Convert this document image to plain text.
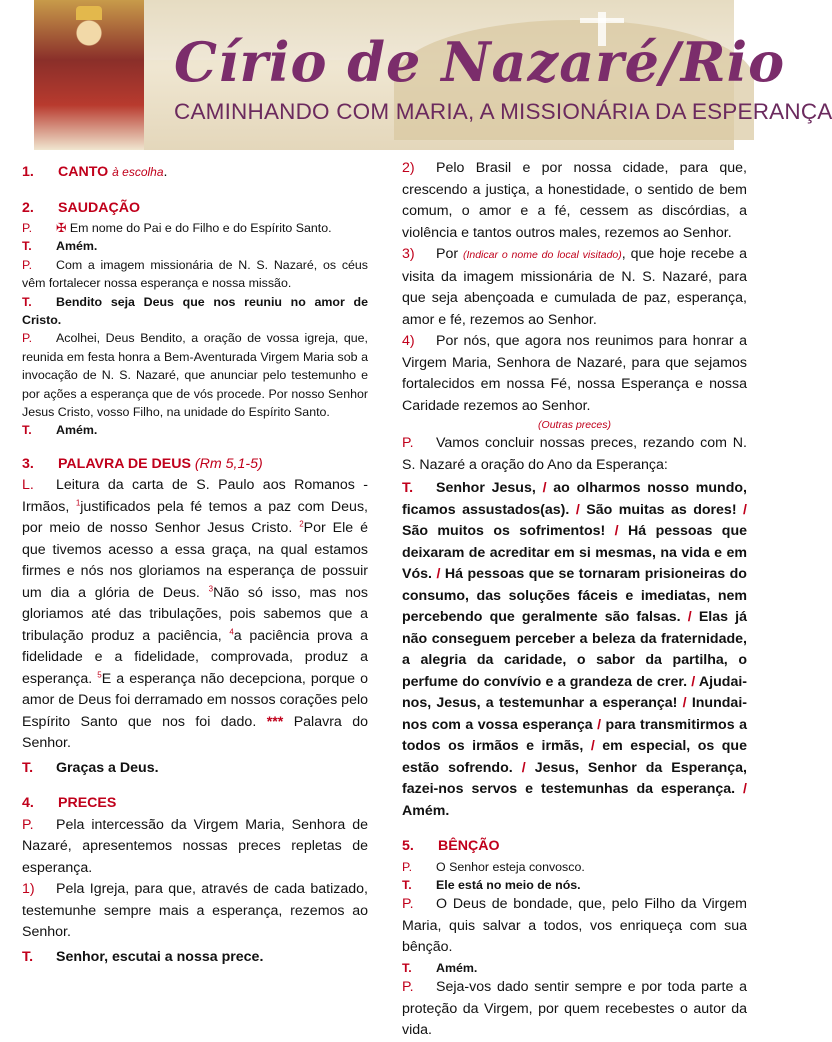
Círio de Nazaré/Rio
CAMINHANDO COM MARIA, A MISSIONÁRIA DA ESPERANÇA

1. CANTO à escolha.

2. SAUDAÇÃO

P. ✠ Em nome do Pai e do Filho e do Espírito Santo.

T. Amém.

P. Com a imagem missionária de N. S. Nazaré, os céus vêm fortalecer nossa esperança e nossa missão.

T. Bendito seja Deus que nos reuniu no amor de Cristo.

P. Acolhei, Deus Bendito, a oração de vossa igreja, que, reunida em festa honra a Bem-Aventurada Virgem Maria sob a invocação de N. S. Nazaré, que anunciar pelo testemunho e por ações a esperança que de vós procede. Por nosso Senhor Jesus Cristo, vosso Filho, na unidade do Espírito Santo.

T. Amém.

3. PALAVRA DE DEUS (Rm 5,1-5)

L. Leitura da carta de S. Paulo aos Romanos - Irmãos, $^1$justificados pela fé temos a paz com Deus, por meio de nosso Senhor Jesus Cristo. $^2$Por Ele é que tivemos acesso a essa graça, na qual estamos firmes e nós nos gloriamos na esperança de possuir um dia a glória de Deus. $^3$Não só isso, mas nos gloriamos até das tribulações, pois sabemos que a tribulação produz a paciência, $^4$a paciência prova a fidelidade e a fidelidade, comprovada, produz a esperança. $^5$E a esperança não decepciona, porque o amor de Deus foi derramado em nossos corações pelo Espírito Santo que nos foi dado. *** Palavra do Senhor.

T. Graças a Deus.

4. PRECES

P. Pela intercessão da Virgem Maria, Senhora de Nazaré, apresentemos nossas preces repletas de esperança.

1) Pela Igreja, para que, através de cada batizado, testemunhe sempre mais a esperança, rezemos ao Senhor.

T. Senhor, escutai a nossa prece.

2) Pelo Brasil e por nossa cidade, para que, crescendo a justiça, a honestidade, o sentido de bem comum, o amor e a fé, cessem as discórdias, a violência e tantos outros males, rezemos ao Senhor.

3) Por (Indicar o nome do local visitado), que hoje recebe a visita da imagem missionária de N. S. Nazaré, para que seja abençoada e cumulada de paz, esperança, amor e fé, rezemos ao Senhor.

4) Por nós, que agora nos reunimos para honrar a Virgem Maria, Senhora de Nazaré, para que sejamos fortalecidos em nossa Fé, nossa Esperança e nossa Caridade rezemos ao Senhor.

(Outras preces)

P. Vamos concluir nossas preces, rezando com N. S. Nazaré a oração do Ano da Esperança:

T. Senhor Jesus, / ao olharmos nosso mundo, ficamos assustados(as). / São muitas as dores! / São muitos os sofrimentos! / Há pessoas que deixaram de acreditar em si mesmas, na vida e em Vós. / Há pessoas que se tornaram prisioneiras do consumo, das soluções fáceis e imediatas, nem percebendo que geralmente são falsas. / Elas já não conseguem perceber a beleza da fraternidade, a alegria da caridade, o sabor da partilha, o perfume do convívio e a grandeza de crer. / Ajudai-nos, Jesus, a testemunhar a esperança! / Inundai-nos com a vossa esperança / para transmitirmos a todos os irmãos e irmãs, / em especial, os que estão sofrendo. / Jesus, Senhor da Esperança, fazei-nos servos e testemunhas da esperança. / Amém.

5. BÊNÇÃO

P. O Senhor esteja convosco.

T. Ele está no meio de nós.

P. O Deus de bondade, que, pelo Filho da Virgem Maria, quis salvar a todos, vos enriqueça com sua bênção.

T. Amém.

P. Seja-vos dado sentir sempre e por toda parte a proteção da Virgem, por quem recebestes o autor da vida.
